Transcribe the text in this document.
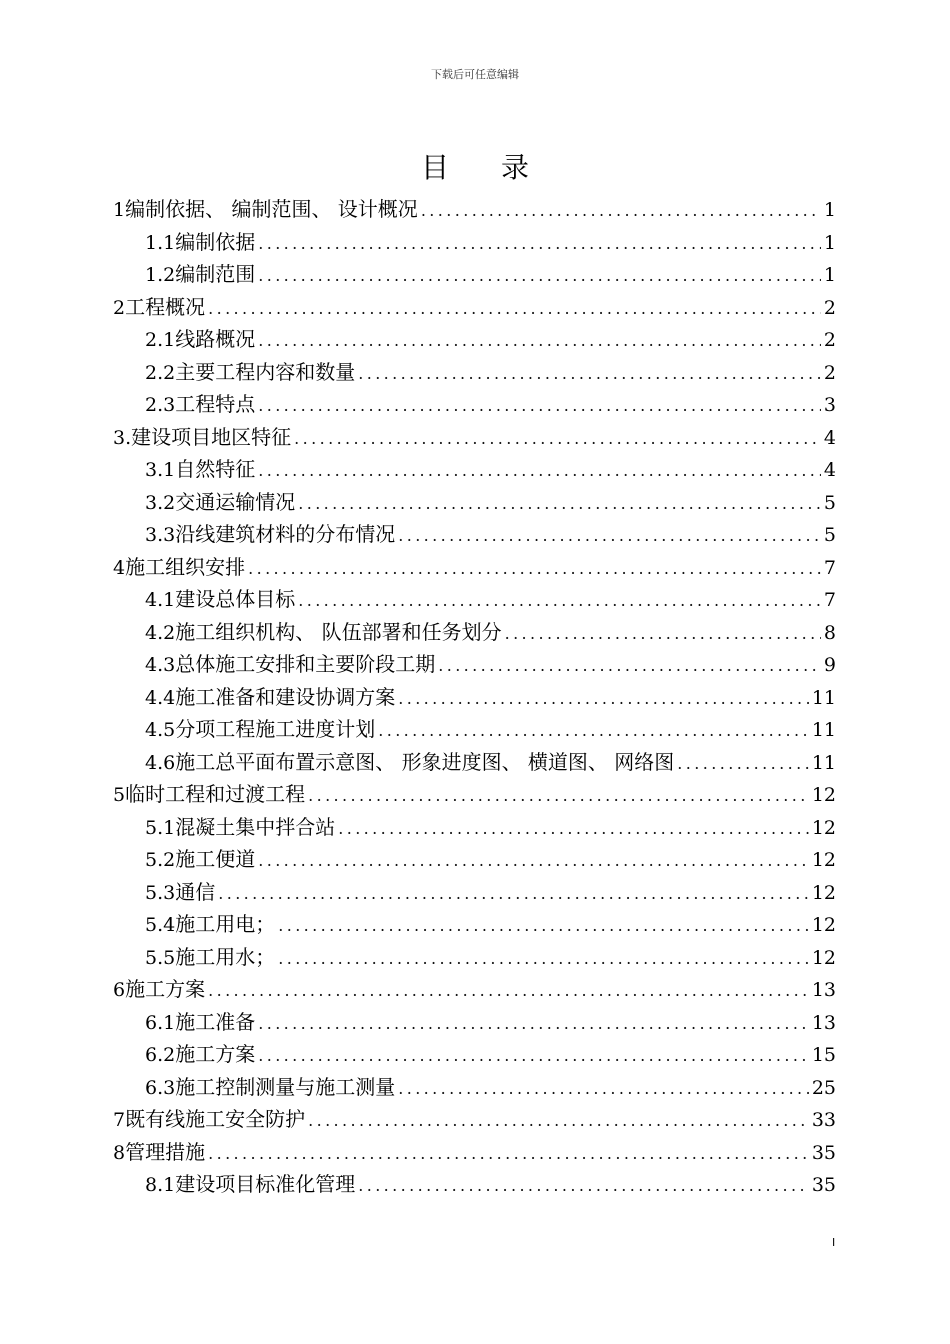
下载后可任意编辑
目录
1 编制依据、 编制范围、 设计概况 .....	1
1.1 编制依据 .....	1
1.2 编制范围 .....	1
2 工程概况 .....	2
2.1 线路概况 .....	2
2.2 主要工程内容和数量 .....	2
2.3 工程特点 .....	3
3. 建设项目地区特征 .....	4
3.1 自然特征 .....	4
3.2 交通运输情况 .....	5
3.3 沿线建筑材料的分布情况 .....	5
4 施工组织安排 .....	7
4.1 建设总体目标 .....	7
4.2 施工组织机构、 队伍部署和任务划分 .....	8
4.3 总体施工安排和主要阶段工期 .....	9
4.4 施工准备和建设协调方案 .....	11
4.5 分项工程施工进度计划 .....	11
4.6 施工总平面布置示意图、 形象进度图、 横道图、 网络图 .....	11
5 临时工程和过渡工程 .....	12
5.1 混凝土集中拌合站 .....	12
5.2 施工便道 .....	12
5.3 通信 .....	12
5.4 施工用电； .....	12
5.5 施工用水； .....	12
6 施工方案 .....	13
6.1 施工准备 .....	13
6.2 施工方案 .....	15
6.3 施工控制测量与施工测量 .....	25
7 既有线施工安全防护 .....	33
8 管理措施 .....	35
8.1 建设项目标准化管理 .....	35
I
